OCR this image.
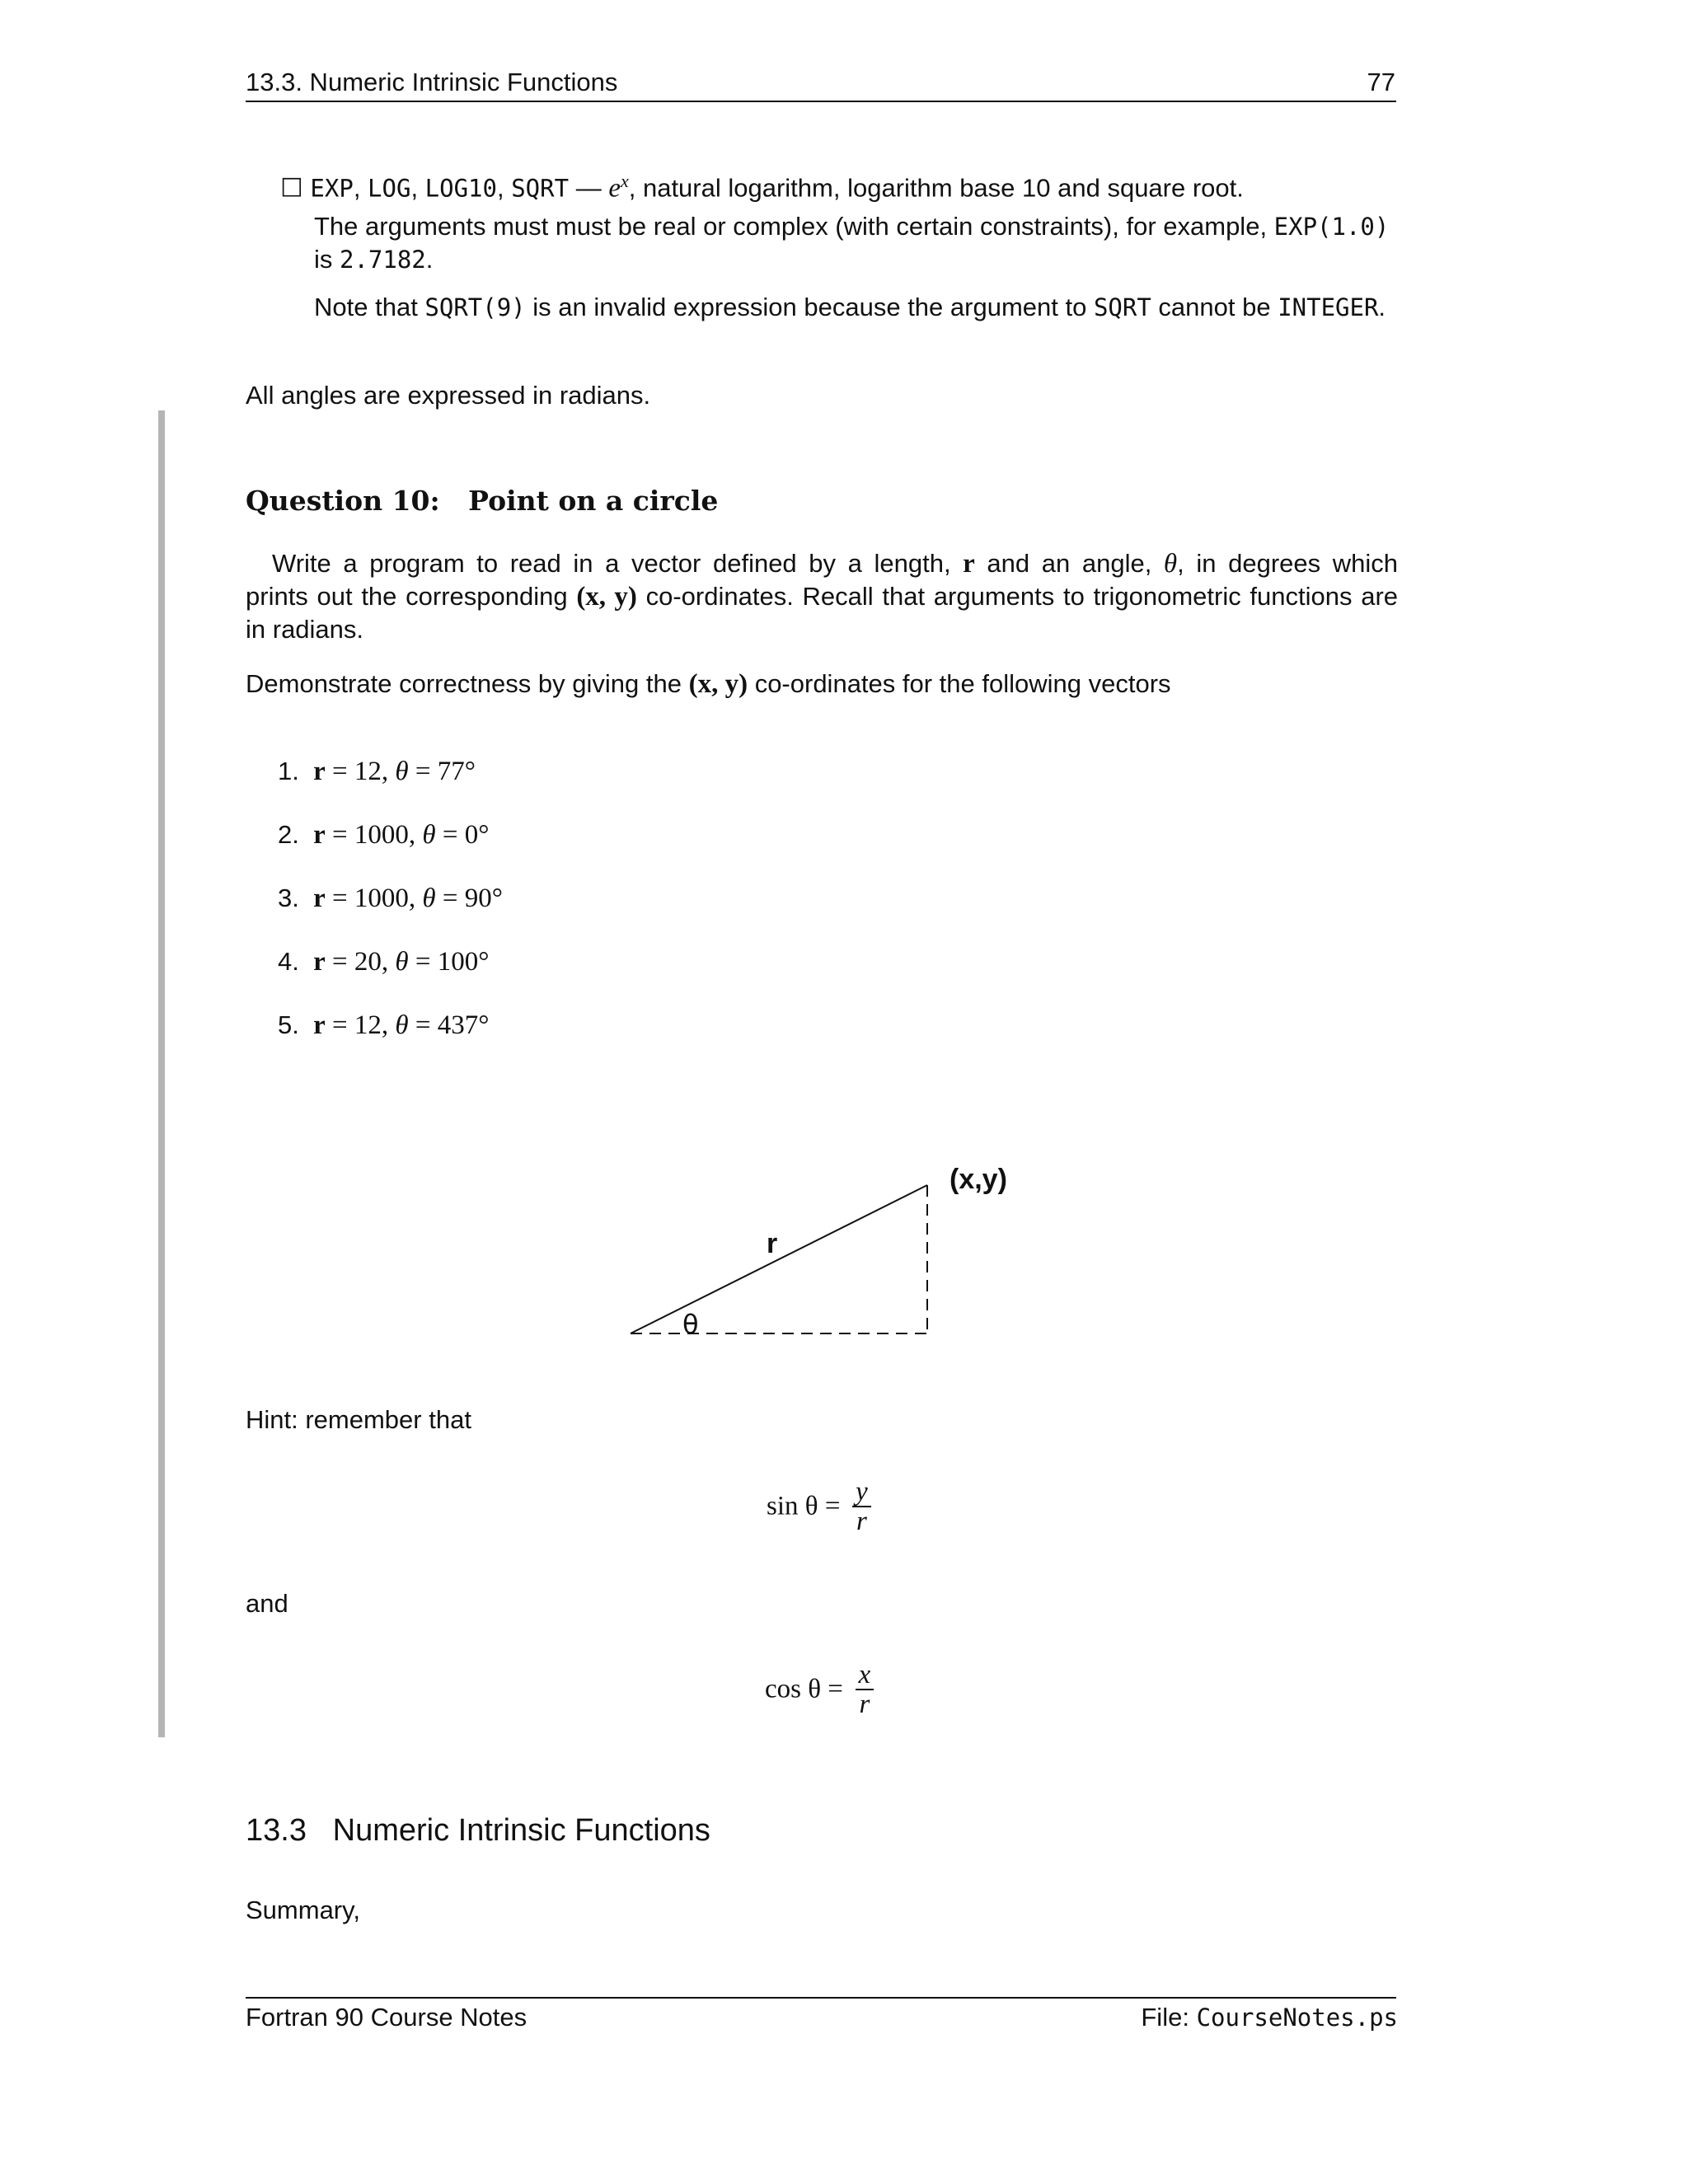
13.3. Numeric Intrinsic Functions	77

☐ EXP, LOG, LOG10, SQRT — $e^x$, natural logarithm, logarithm base 10 and square root.

The arguments must must be real or complex (with certain constraints), for example, EXP(1.0)
is 2.7182.
Note that SQRT(9) is an invalid expression because the argument to SQRT cannot be INTEGER.
All angles are expressed in radians.
Question 10: Point on a circle
Write a program to read in a vector defined by a length, r and an angle, θ, in degrees which
prints out the corresponding (x, y) co-ordinates. Recall that arguments to trigonometric functions are
in radians.
Demonstrate correctness by giving the (x, y) co-ordinates for the following vectors
1. r = 12, θ = 77°
2. r = 1000, θ = 0°
3. r = 1000, θ = 90°
4. r = 20, θ = 100°
5. r = 12, θ = 437°
(x,y)
r
θ
Hint: remember that
$\sin \theta = \frac{y}{r}$
and
$\cos \theta = \frac{x}{r}$
13.3 Numeric Intrinsic Functions
Summary,
Fortran 90 Course Notes	File: CourseNotes.ps
